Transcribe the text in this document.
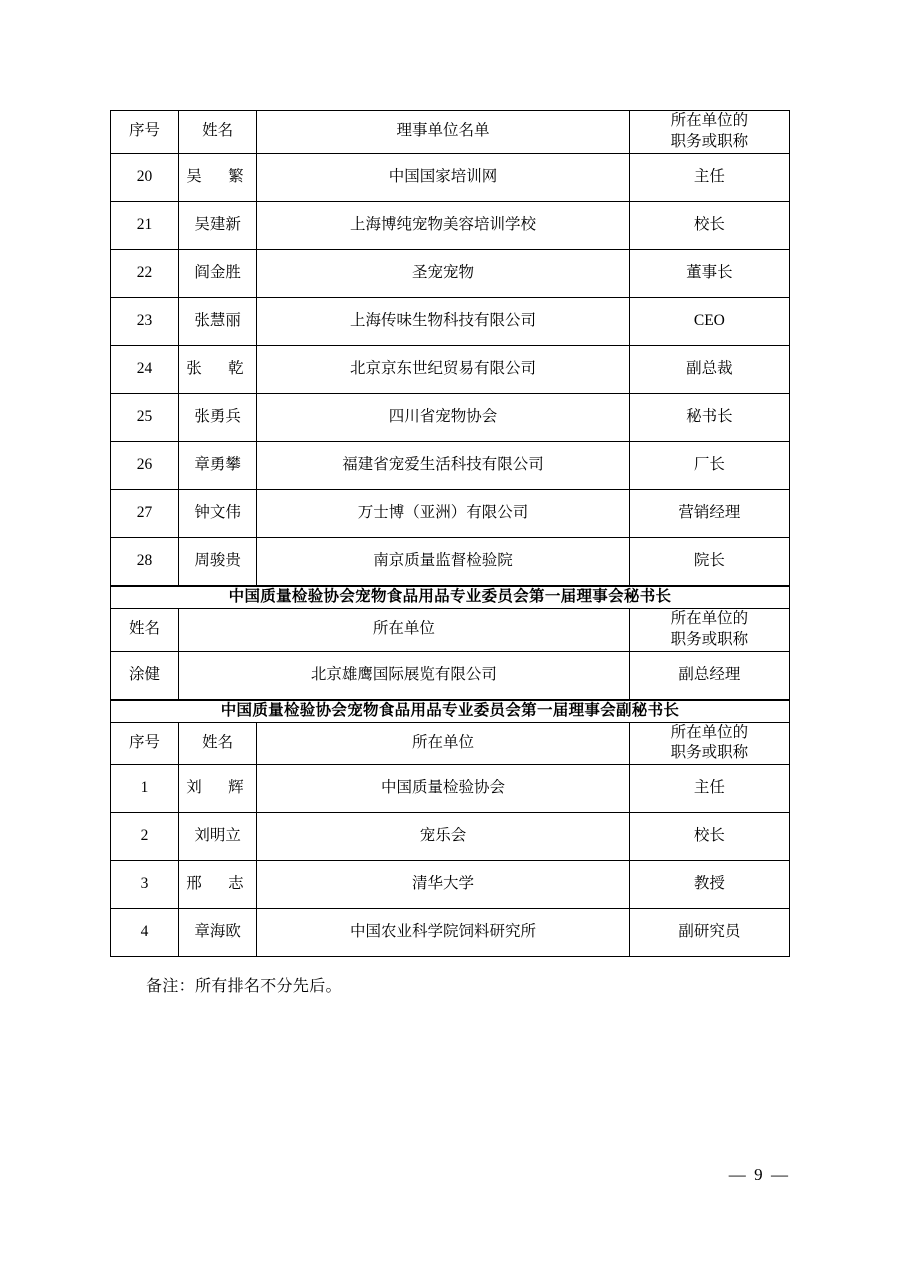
序号	姓名	理事单位名单	所在单位的
职务或职称

20	吴　繁	中国国家培训网	主任
21	吴建新	上海博纯宠物美容培训学校	校长
22	阎金胜	圣宠宠物	董事长
23	张慧丽	上海传味生物科技有限公司	CEO
24	张　乾	北京京东世纪贸易有限公司	副总裁
25	张勇兵	四川省宠物协会	秘书长
26	章勇攀	福建省宠爱生活科技有限公司	厂长
27	钟文伟	万士博（亚洲）有限公司	营销经理
28	周骏贵	南京质量监督检验院	院长
中国质量检验协会宠物食品用品专业委员会第一届理事会秘书长		
姓名	所在单位	所在单位的
职务或职称

涂健	北京雄鹰国际展览有限公司	副总经理
中国质量检验协会宠物食品用品专业委员会第一届理事会副秘书长			
序号	姓名	所在单位	所在单位的
职务或职称

1	刘　辉	中国质量检验协会	主任
2	刘明立	宠乐会	校长
3	邢　志	清华大学	教授
4	章海欧	中国农业科学院饲料研究所	副研究员
备注：所有排名不分先后。
— 9 —
